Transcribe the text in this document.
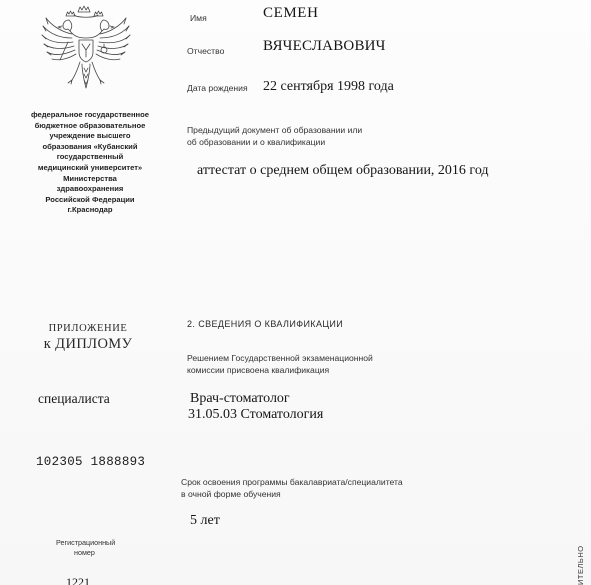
федеральное государственное
бюджетное образовательное
учреждение высшего
образования «Кубанский
государственный
медицинский университет»
Министерства
здравоохранения
Российской Федерации
г.Краснодар
ПРИЛОЖЕНИЕ
к ДИПЛОМУ
специалиста
102305 1888893
Регистрационный
номер
1221
Имя	СЕМЕН
Отчество	ВЯЧЕСЛАВОВИЧ
Дата рождения 22 сентября 1998 года
Предыдущий документ об образовании или
об образовании и о квалификации
аттестат о среднем общем образовании, 2016 год
2. СВЕДЕНИЯ О КВАЛИФИКАЦИИ
Решением Государственной экзаменационной
комиссии присвоена квалификация
Врач-стоматолог
31.05.03 Стоматология
Срок освоения программы бакалавриата/специалитета
в очной форме обучения
5 лет
ИТЕЛЬНО
